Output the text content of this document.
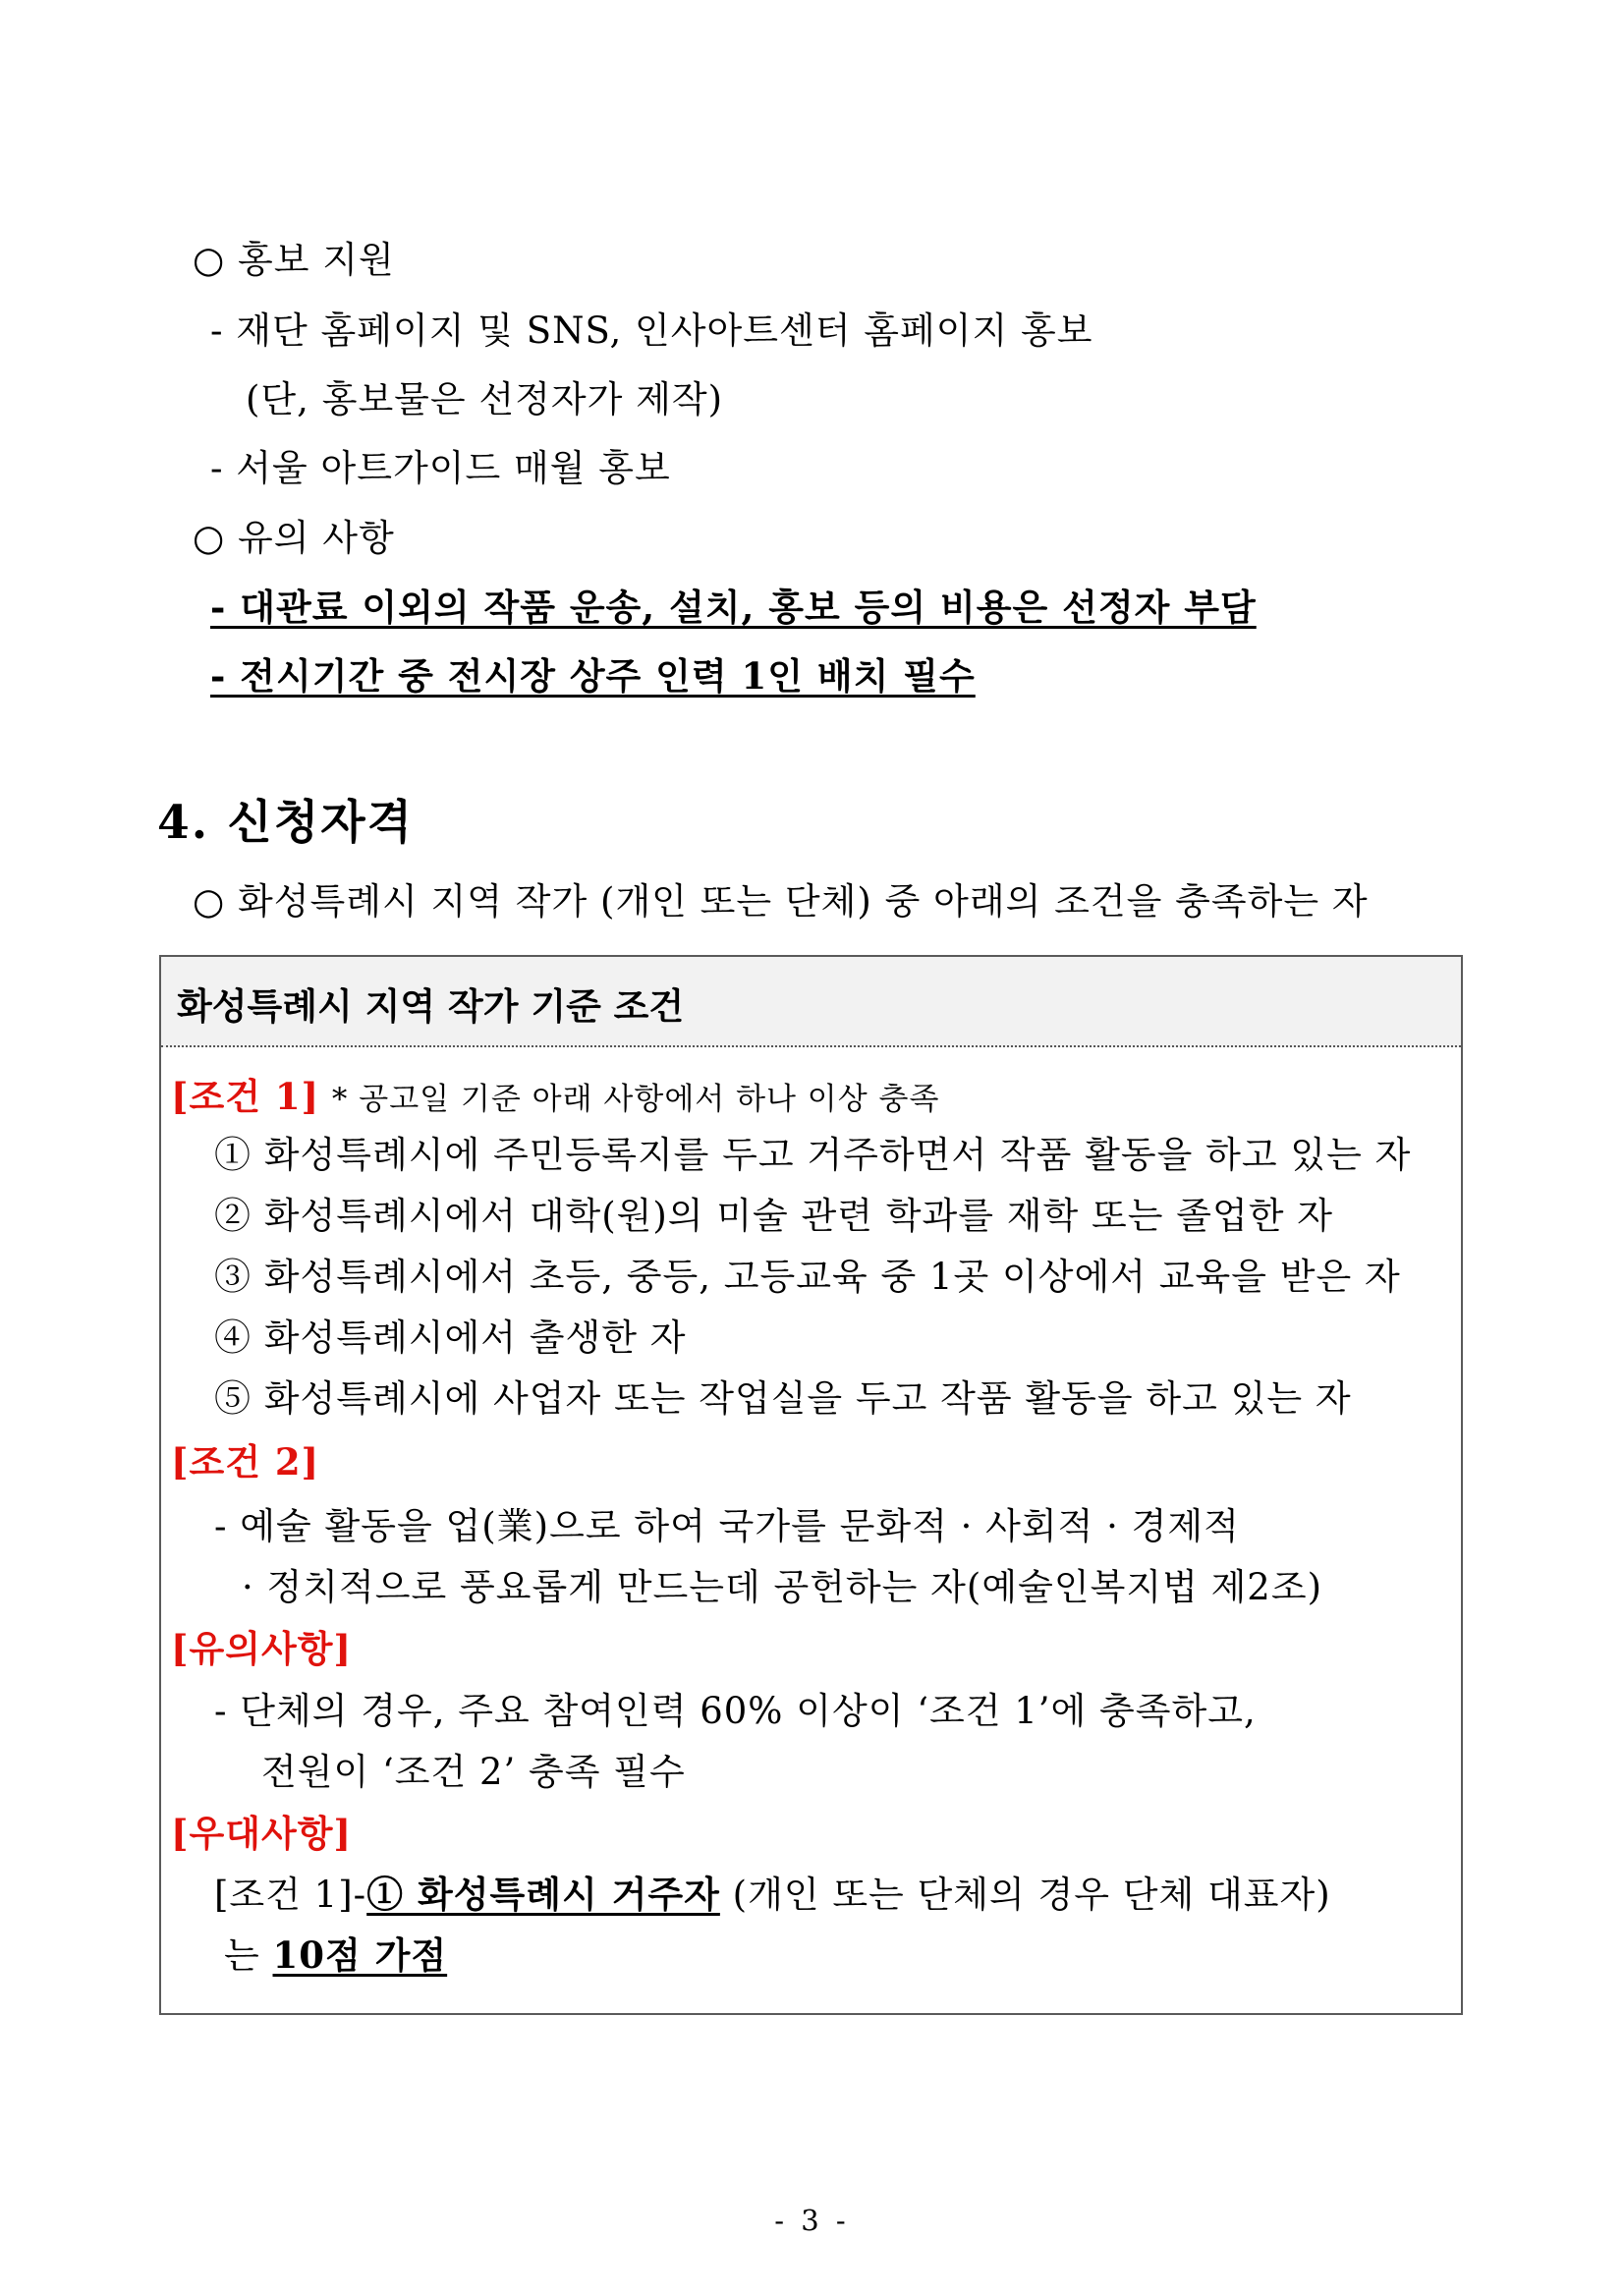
○ 홍보 지원
- 재단 홈페이지 및 SNS, 인사아트센터 홈페이지 홍보
(단, 홍보물은 선정자가 제작)
- 서울 아트가이드 매월 홍보
○ 유의 사항
- 대관료 이외의 작품 운송, 설치, 홍보 등의 비용은 선정자 부담
- 전시기간 중 전시장 상주 인력 1인 배치 필수
4. 신청자격
○ 화성특례시 지역 작가 (개인 또는 단체) 중 아래의 조건을 충족하는 자
화성특례시 지역 작가 기준 조건
[조건 1] * 공고일 기준 아래 사항에서 하나 이상 충족
① 화성특례시에 주민등록지를 두고 거주하면서 작품 활동을 하고 있는 자
② 화성특례시에서 대학(원)의 미술 관련 학과를 재학 또는 졸업한 자
③ 화성특례시에서 초등, 중등, 고등교육 중 1곳 이상에서 교육을 받은 자
④ 화성특례시에서 출생한 자
⑤ 화성특례시에 사업자 또는 작업실을 두고 작품 활동을 하고 있는 자
[조건 2]
- 예술 활동을 업(業)으로 하여 국가를 문화적 · 사회적 · 경제적
· 정치적으로 풍요롭게 만드는데 공헌하는 자(예술인복지법 제2조)
[유의사항]
- 단체의 경우, 주요 참여인력 60% 이상이 ‘조건 1’에 충족하고,
전원이 ‘조건 2’ 충족 필수
[우대사항]
[조건 1]-① 화성특례시 거주자 (개인 또는 단체의 경우 단체 대표자)
는 10점 가점
- 3 -
